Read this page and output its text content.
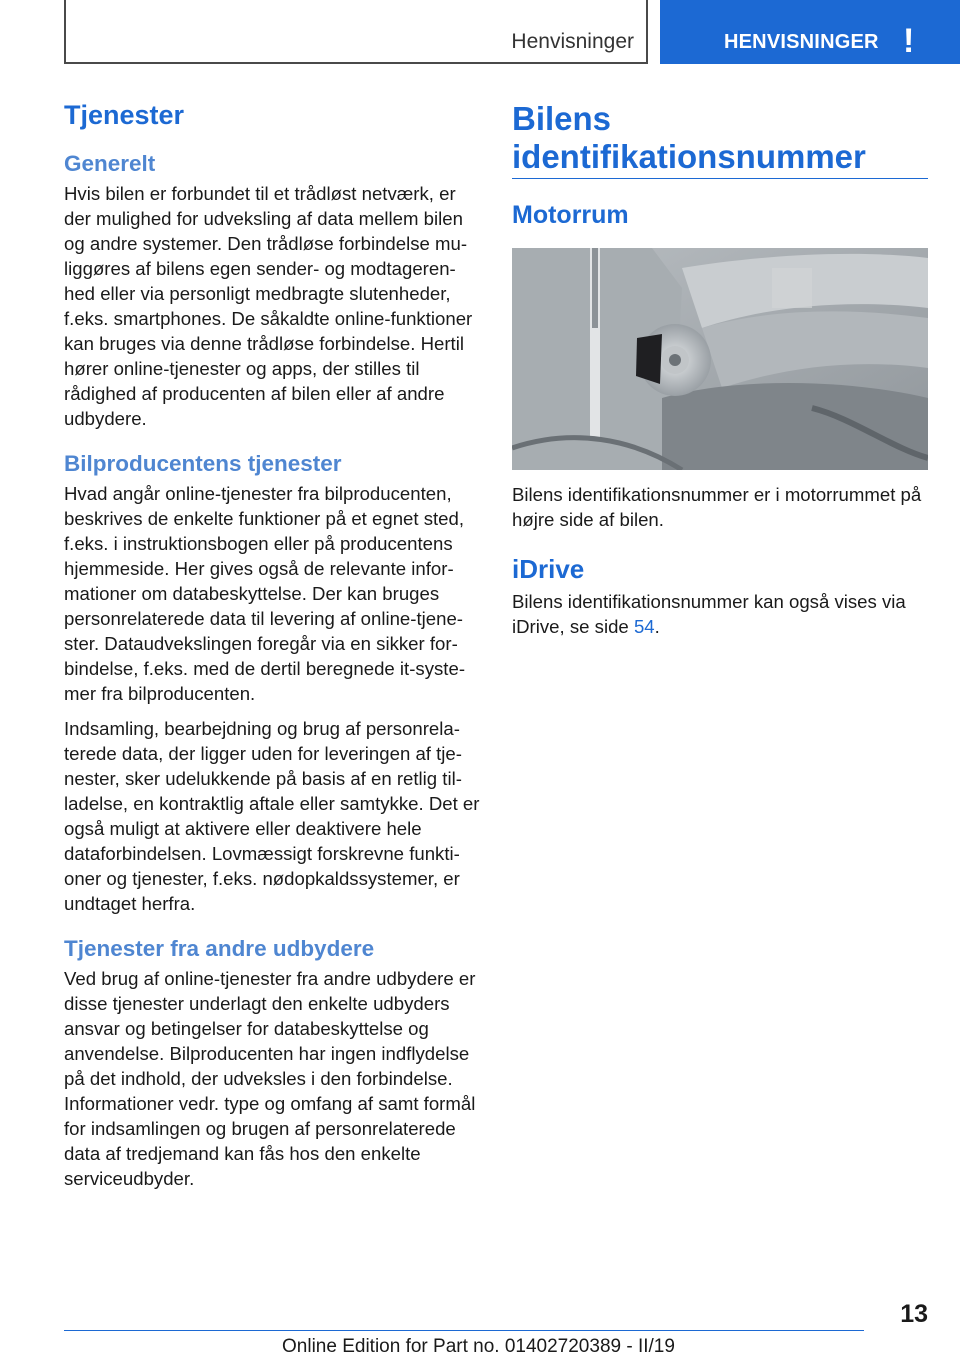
Henvisninger	HENVISNINGER !
Tjenester
Generelt

Hvis bilen er forbundet til et trådløst netværk, er der mulighed for udveksling af data mellem bilen og andre systemer. Den trådløse forbindelse muliggøres af bilens egen sender- og modtagerenhed eller via personligt medbragte slutenheder, f.eks. smartphones. De såkaldte online-funktioner kan bruges via denne trådløse forbindelse. Hertil hører online-tjenester og apps, der stilles til rådighed af producenten af bilen eller af andre udbydere.

Bilproducentens tjenester

Hvad angår online-tjenester fra bilproducenten, beskrives de enkelte funktioner på et egnet sted, f.eks. i instruktionsbogen eller på producentens hjemmeside. Her gives også de relevante informationer om databeskyttelse. Der kan bruges personrelaterede data til levering af online-tjenester. Dataudvekslingen foregår via en sikker forbindelse, f.eks. med de dertil beregnede it-systemer fra bilproducenten.

Indsamling, bearbejdning og brug af personrelaterede data, der ligger uden for leveringen af tjenester, sker udelukkende på basis af en retlig tilladelse, en kontraktlig aftale eller samtykke. Det er også muligt at aktivere eller deaktivere hele dataforbindelsen. Lovmæssigt forskrevne funktioner og tjenester, f.eks. nødopkaldssystemer, er undtaget herfra.

Tjenester fra andre udbydere

Ved brug af online-tjenester fra andre udbydere er disse tjenester underlagt den enkelte udbyders ansvar og betingelser for databeskyttelse og anvendelse. Bilproducenten har ingen indflydelse på det indhold, der udveksles i den forbindelse. Informationer vedr. type og omfang af samt formål for indsamlingen og brugen af personrelaterede data af tredjemand kan fås hos den enkelte serviceudbyder.

Bilens identifikationsnummer
Motorrum

Bilens identifikationsnummer er i motorrummet på højre side af bilen.

iDrive

Bilens identifikationsnummer kan også vises via iDrive, se side 54.

13
Online Edition for Part no. 01402720389 - II/19
